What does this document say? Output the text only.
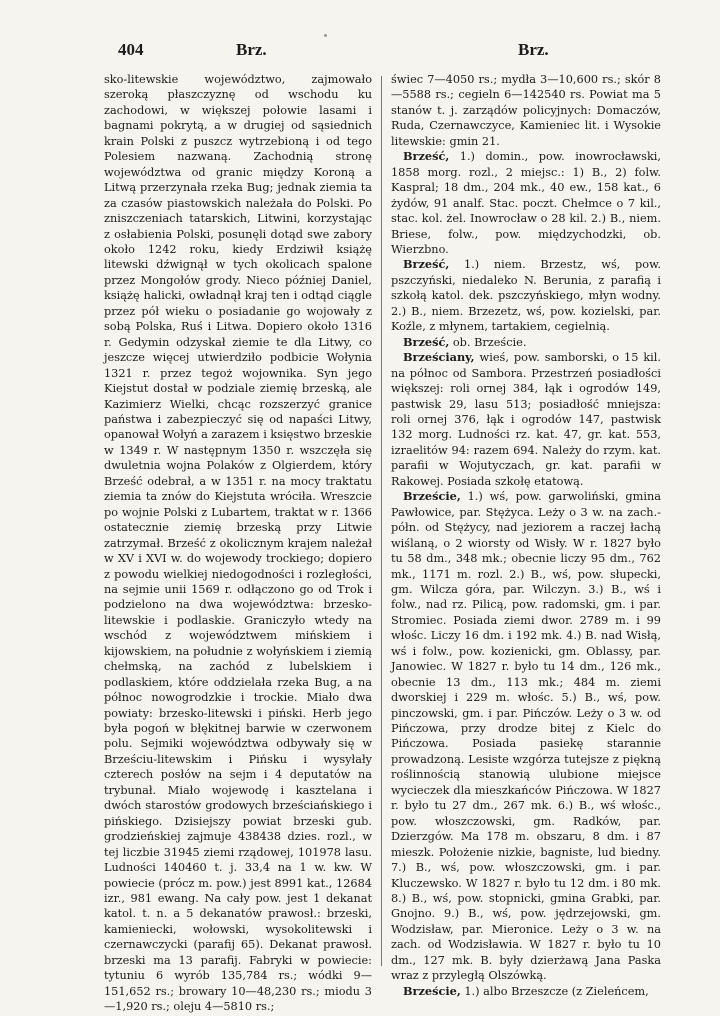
404	Brz.	Brz.

sko-litewskie województwo, zajmowało szeroką płaszczyznę od wschodu ku zachodowi, w większej połowie lasami i bagnami pokrytą, a w drugiej od sąsiednich krain Polski z puszcz wytrzebioną i od tego Polesiem nazwaną. Zachodnią stronę województwa od granic między Koroną a Litwą przerzynała rzeka Bug; jednak ziemia ta za czasów piastowskich należała do Polski. Po zniszczeniach tatarskich, Litwini, korzystając z osłabienia Polski, posunęli dotąd swe zabory około 1242 roku, kiedy Erdziwił książę litewski dźwignął w tych okolicach spalone przez Mongołów grody. Nieco później Daniel, książę halicki, owładnął kraj ten i odtąd ciągle przez pół wieku o posiadanie go wojowały z sobą Polska, Ruś i Litwa. Dopiero około 1316 r. Gedymin odzyskał ziemie te dla Litwy, co jeszcze więcej utwierdziło podbicie Wołynia 1321 r. przez tegoż wojownika. Syn jego Kiejstut dostał w podziale ziemię brzeską, ale Kazimierz Wielki, chcąc rozszerzyć granice państwa i zabezpieczyć się od napaści Litwy, opanował Wołyń a zarazem i księstwo brzeskie w 1349 r. W następnym 1350 r. wszczęła się dwuletnia wojna Polaków z Olgierdem, który Brześć odebrał, a w 1351 r. na mocy traktatu ziemia ta znów do Kiejstuta wróciła. Wreszcie po wojnie Polski z Lubartem, traktat w r. 1366 ostatecznie ziemię brzeską przy Litwie zatrzymał. Brześć z okolicznym krajem należał w XV i XVI w. do wojewody trockiego; dopiero z powodu wielkiej niedogodności i rozległości, na sejmie unii 1569 r. odłączono go od Trok i podzielono na dwa województwa: brzesko-litewskie i podlaskie. Graniczyło wtedy na wschód z województwem mińskiem i kijowskiem, na południe z wołyńskiem i ziemią chełmską, na zachód z lubelskiem i podlaskiem, które oddzielała rzeka Bug, a na północ nowogrodzkie i trockie. Miało dwa powiaty: brzesko-litewski i piński. Herb jego była pogoń w błękitnej barwie w czerwonem polu. Sejmiki województwa odbywały się w Brześciu-litewskim i Pińsku i wysyłały czterech posłów na sejm i 4 deputatów na trybunał. Miało wojewodę i kasztelana i dwóch starostów grodowych brześciańskiego i pińskiego. Dzisiejszy powiat brzeski gub. grodzieńskiej zajmuje 438438 dzies. rozl., w tej liczbie 31945 ziemi rządowej, 101978 lasu. Ludności 140460 t. j. 33,4 na 1 w. kw. W powiecie (prócz m. pow.) jest 8991 kat., 12684 izr., 981 ewang. Na cały pow. jest 1 dekanat katol. t. n. a 5 dekanatów prawosł.: brzeski, kamieniecki, wołowski, wysokolitewski i czernawczycki (parafij 65). Dekanat prawosł. brzeski ma 13 parafij. Fabryki w powiecie: tytuniu 6 wyrób 135,784 rs.; wódki 9—151,652 rs.; browary 10—48,230 rs.; miodu 3—1,920 rs.; oleju 4—5810 rs.;

świec 7—4050 rs.; mydła 3—10,600 rs.; skór 8 —5588 rs.; cegieln 6—142540 rs. Powiat ma 5 stanów t. j. zarządów policyjnych: Domaczów, Ruda, Czernawczyce, Kamieniec lit. i Wysokie litewskie: gmin 21.

Brześć, 1.) domin., pow. inowrocławski, 1858 morg. rozl., 2 miejsc.: 1) B., 2) folw. Kaspral; 18 dm., 204 mk., 40 ew., 158 kat., 6 żydów, 91 analf. Stac. poczt. Chełmce o 7 kil., stac. kol. żel. Inowrocław o 28 kil. 2.) B., niem. Briese, folw., pow. międzychodzki, ob. Wierzbno.

Brześć, 1.) niem. Brzestz, wś, pow. pszczyński, niedaleko N. Berunia, z parafią i szkołą katol. dek. pszczyńskiego, młyn wodny. 2.) B., niem. Brzezetz, wś, pow. kozielski, par. Koźle, z młynem, tartakiem, cegielnią.

Brześć, ob. Brzeście.

Brześciany, wieś, pow. samborski, o 15 kil. na północ od Sambora. Przestrzeń posiadłości większej: roli ornej 384, łąk i ogrodów 149, pastwisk 29, lasu 513; posiadłość mniejsza: roli ornej 376, łąk i ogrodów 147, pastwisk 132 morg. Ludności rz. kat. 47, gr. kat. 553, izraelitów 94: razem 694. Należy do rzym. kat. parafii w Wojutyczach, gr. kat. parafii w Rakowej. Posiada szkołę etatową.

Brzeście, 1.) wś, pow. garwoliński, gmina Pawłowice, par. Stężyca. Leży o 3 w. na zach.-półn. od Stężycy, nad jeziorem a raczej łachą wiślaną, o 2 wiorsty od Wisły. W r. 1827 było tu 58 dm., 348 mk.; obecnie liczy 95 dm., 762 mk., 1171 m. rozl. 2.) B., wś, pow. słupecki, gm. Wilcza góra, par. Wilczyn. 3.) B., wś i folw., nad rz. Pilicą, pow. radomski, gm. i par. Stromiec. Posiada ziemi dwor. 2789 m. i 99 włośc. Liczy 16 dm. i 192 mk. 4.) B. nad Wisłą, wś i folw., pow. kozienicki, gm. Oblassy, par. Janowiec. W 1827 r. było tu 14 dm., 126 mk., obecnie 13 dm., 113 mk.; 484 m. ziemi dworskiej i 229 m. włośc. 5.) B., wś, pow. pinczowski, gm. i par. Pińczów. Leży o 3 w. od Pińczowa, przy drodze bitej z Kielc do Pińczowa. Posiada pasiekę starannie prowadzoną. Lesiste wzgórza tutejsze z piękną roślinnością stanowią ulubione miejsce wycieczek dla mieszkańców Pińczowa. W 1827 r. było tu 27 dm., 267 mk. 6.) B., wś włośc., pow. włoszczowski, gm. Radków, par. Dzierzgów. Ma 178 m. obszaru, 8 dm. i 87 mieszk. Położenie nizkie, bagniste, lud biedny. 7.) B., wś, pow. włoszczowski, gm. i par. Kluczewsko. W 1827 r. było tu 12 dm. i 80 mk. 8.) B., wś, pow. stopnicki, gmina Grabki, par. Gnojno. 9.) B., wś, pow. jędrzejowski, gm. Wodzisław, par. Mieronice. Leży o 3 w. na zach. od Wodzisławia. W 1827 r. było tu 10 dm., 127 mk. B. były dzierżawą Jana Paska wraz z przyległą Olszówką.

Brzeście, 1.) albo Brzeszcze (z Zieleńcem,
